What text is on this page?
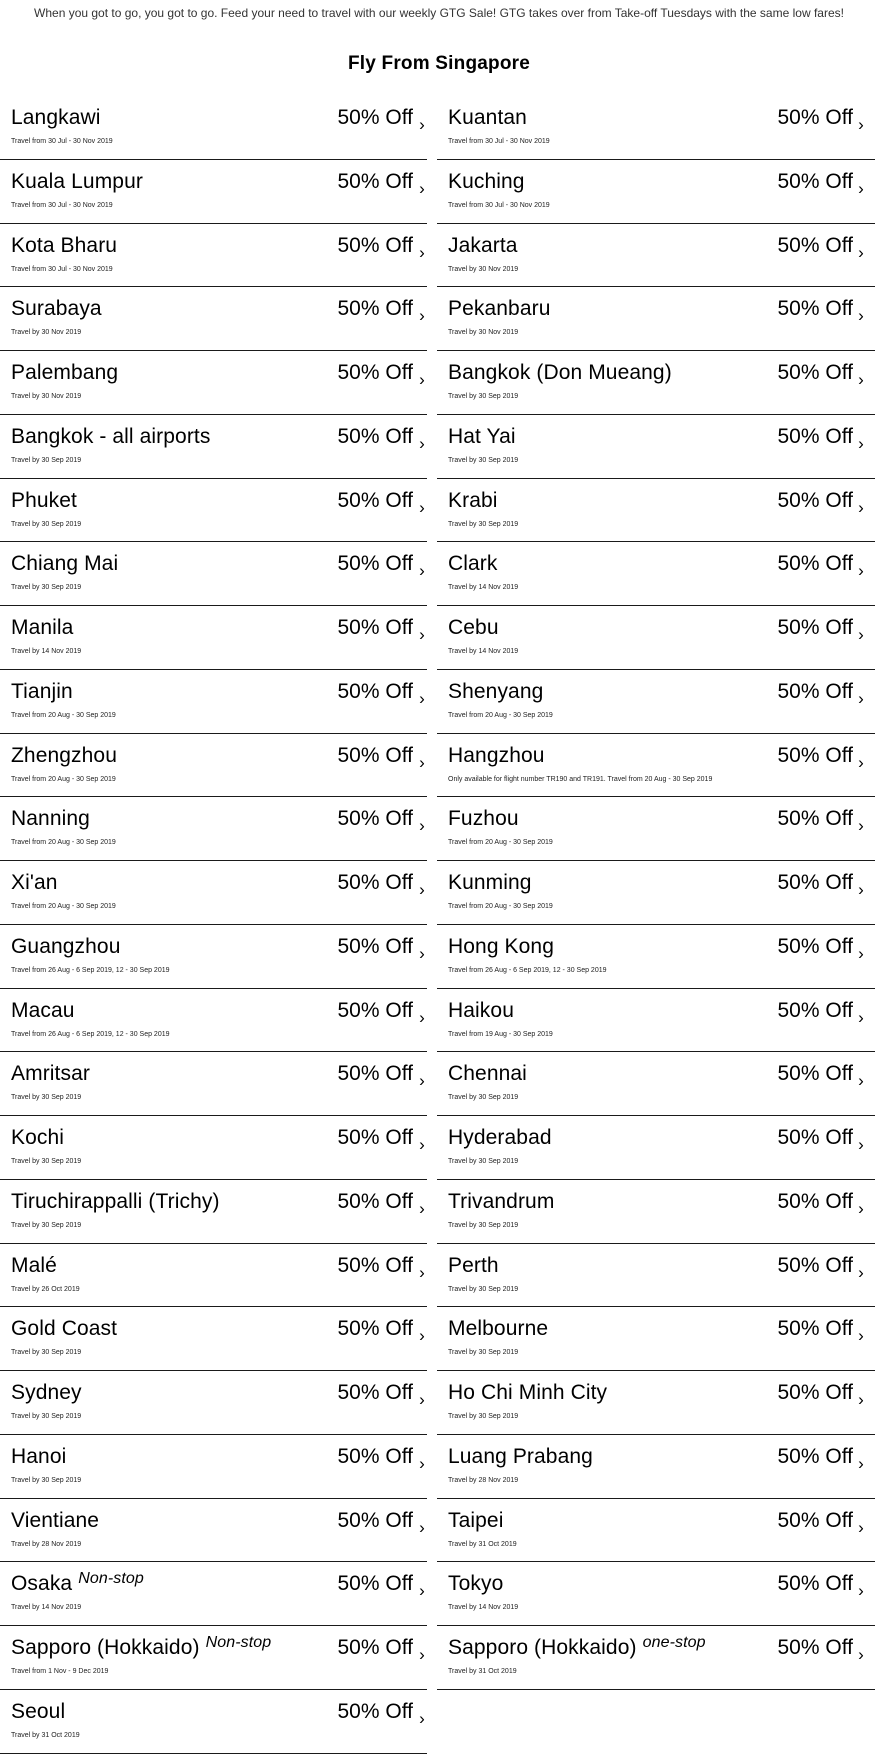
When you got to go, you got to go. Feed your need to travel with our weekly GTG Sale! GTG takes over from Take-off Tuesdays with the same low fares!
Fly From Singapore
Langkawi
Travel from 30 Jul - 30 Nov 2019
50% Off › Kuantan
Travel from 30 Jul - 30 Nov 2019
50% Off ›
Kuala Lumpur
Travel from 30 Jul - 30 Nov 2019
50% Off › Kuching
Travel from 30 Jul - 30 Nov 2019
50% Off ›
Kota Bharu
Travel from 30 Jul - 30 Nov 2019
50% Off › Jakarta
Travel by 30 Nov 2019
50% Off ›
Surabaya
Travel by 30 Nov 2019
50% Off › Pekanbaru
Travel by 30 Nov 2019
50% Off ›
Palembang
Travel by 30 Nov 2019
50% Off › Bangkok (Don Mueang)
Travel by 30 Sep 2019
50% Off ›
Bangkok - all airports
Travel by 30 Sep 2019
50% Off › Hat Yai
Travel by 30 Sep 2019
50% Off ›
Phuket
Travel by 30 Sep 2019
50% Off › Krabi
Travel by 30 Sep 2019
50% Off ›
Chiang Mai
Travel by 30 Sep 2019
50% Off › Clark
Travel by 14 Nov 2019
50% Off ›
Manila
Travel by 14 Nov 2019
50% Off › Cebu
Travel by 14 Nov 2019
50% Off ›
Tianjin
Travel from 20 Aug - 30 Sep 2019
50% Off › Shenyang
Travel from 20 Aug - 30 Sep 2019
50% Off ›
Zhengzhou
Travel from 20 Aug - 30 Sep 2019
50% Off › Hangzhou
Only available for flight number TR190 and TR191. Travel from 20 Aug - 30 Sep 2019
50% Off ›
Nanning
Travel from 20 Aug - 30 Sep 2019
50% Off › Fuzhou
Travel from 20 Aug - 30 Sep 2019
50% Off ›
Xi'an
Travel from 20 Aug - 30 Sep 2019
50% Off › Kunming
Travel from 20 Aug - 30 Sep 2019
50% Off ›
Guangzhou
Travel from 26 Aug - 6 Sep 2019, 12 - 30 Sep 2019
50% Off › Hong Kong
Travel from 26 Aug - 6 Sep 2019, 12 - 30 Sep 2019
50% Off ›
Macau
Travel from 26 Aug - 6 Sep 2019, 12 - 30 Sep 2019
50% Off › Haikou
Travel from 19 Aug - 30 Sep 2019
50% Off ›
Amritsar
Travel by 30 Sep 2019
50% Off › Chennai
Travel by 30 Sep 2019
50% Off ›
Kochi
Travel by 30 Sep 2019
50% Off › Hyderabad
Travel by 30 Sep 2019
50% Off ›
Tiruchirappalli (Trichy)
Travel by 30 Sep 2019
50% Off › Trivandrum
Travel by 30 Sep 2019
50% Off ›
Malé
Travel by 26 Oct 2019
50% Off › Perth
Travel by 30 Sep 2019
50% Off ›
Gold Coast
Travel by 30 Sep 2019
50% Off › Melbourne
Travel by 30 Sep 2019
50% Off ›
Sydney
Travel by 30 Sep 2019
50% Off › Ho Chi Minh City
Travel by 30 Sep 2019
50% Off ›
Hanoi
Travel by 30 Sep 2019
50% Off › Luang Prabang
Travel by 28 Nov 2019
50% Off ›
Vientiane
Travel by 28 Nov 2019
50% Off › Taipei
Travel by 31 Oct 2019
50% Off ›
Osaka $^{Non-stop}$
Travel by 14 Nov 2019
50% Off › Tokyo
Travel by 14 Nov 2019
50% Off ›
Sapporo (Hokkaido) $^{Non-stop}$
Travel from 1 Nov - 9 Dec 2019
50% Off › Sapporo (Hokkaido) $^{one-stop}$
Travel by 31 Oct 2019
50% Off ›
Seoul
Travel by 31 Oct 2019
50% Off ›
